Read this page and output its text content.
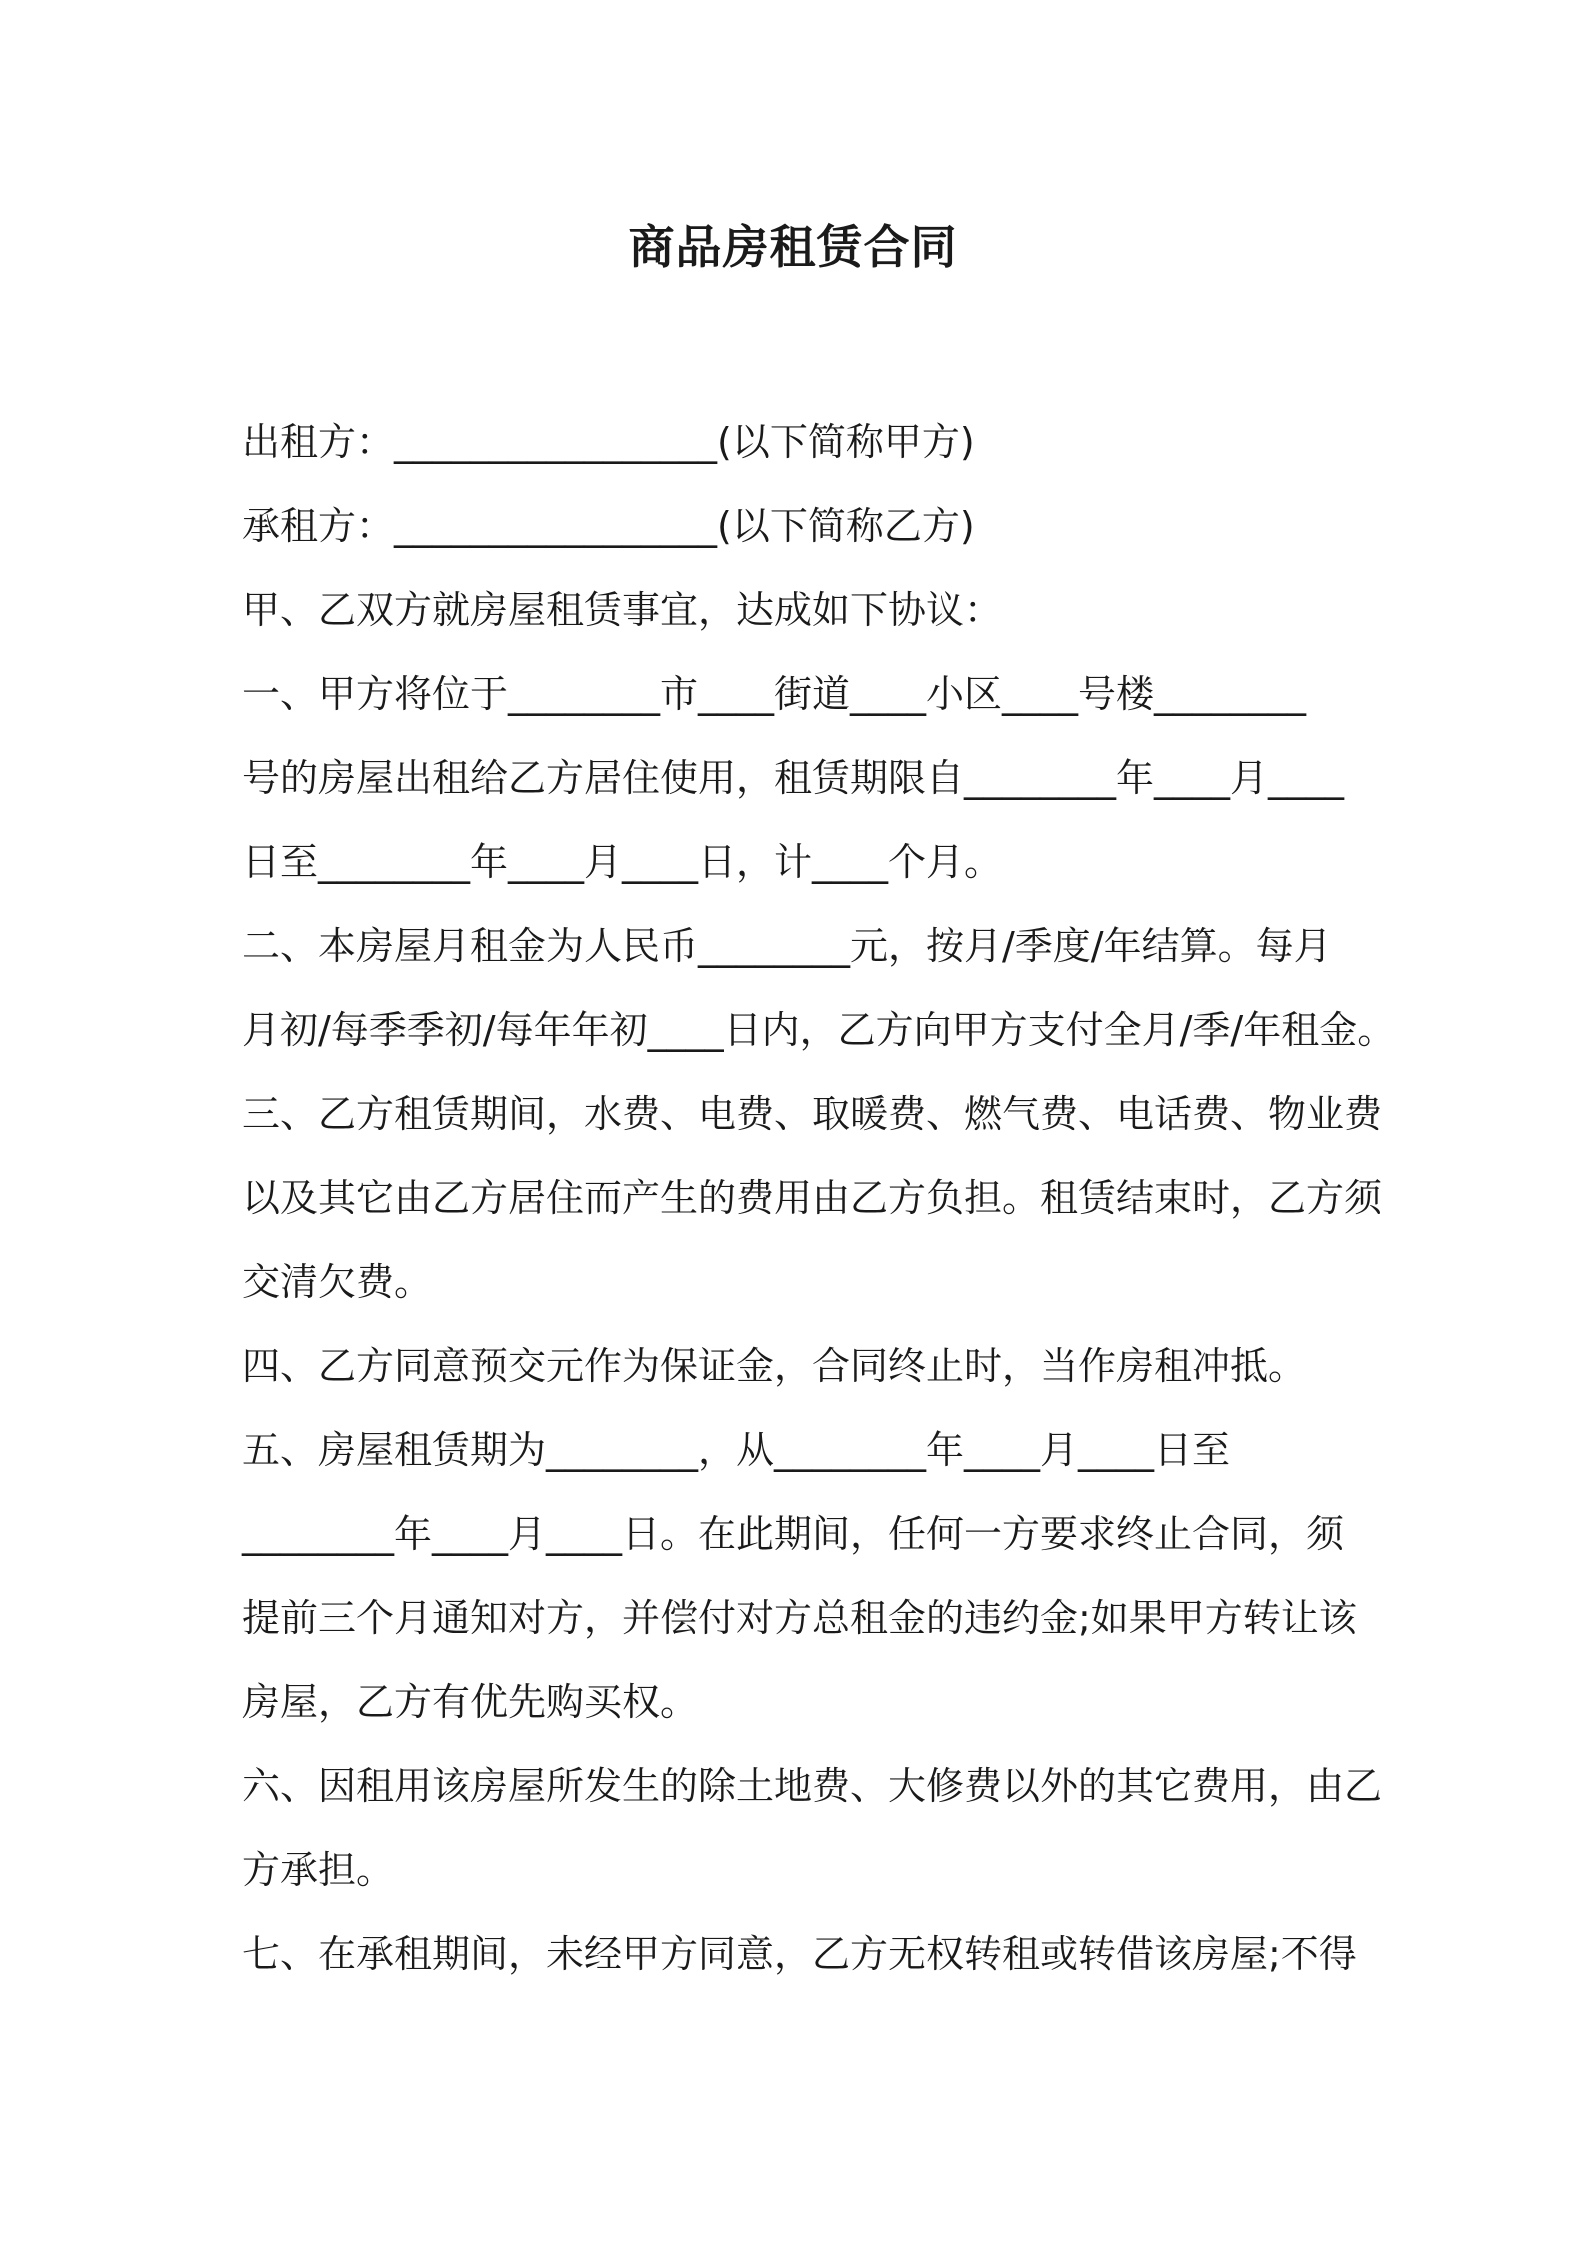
商品房租赁合同
出租方：_________________(以下简称甲方)
承租方：_________________(以下简称乙方)
甲、乙双方就房屋租赁事宜，达成如下协议：
一、甲方将位于________市____街道____小区____号楼________
号的房屋出租给乙方居住使用，租赁期限自________年____月____
日至________年____月____日，计____个月。
二、本房屋月租金为人民币________元，按月/季度/年结算。每月
月初/每季季初/每年年初____日内，乙方向甲方支付全月/季/年租金。
三、乙方租赁期间，水费、电费、取暖费、燃气费、电话费、物业费
以及其它由乙方居住而产生的费用由乙方负担。租赁结束时，乙方须
交清欠费。
四、乙方同意预交元作为保证金，合同终止时，当作房租冲抵。
五、房屋租赁期为________，从________年____月____日至
________年____月____日。在此期间，任何一方要求终止合同，须
提前三个月通知对方，并偿付对方总租金的违约金;如果甲方转让该
房屋，乙方有优先购买权。
六、因租用该房屋所发生的除土地费、大修费以外的其它费用，由乙
方承担。
七、在承租期间，未经甲方同意，乙方无权转租或转借该房屋;不得
